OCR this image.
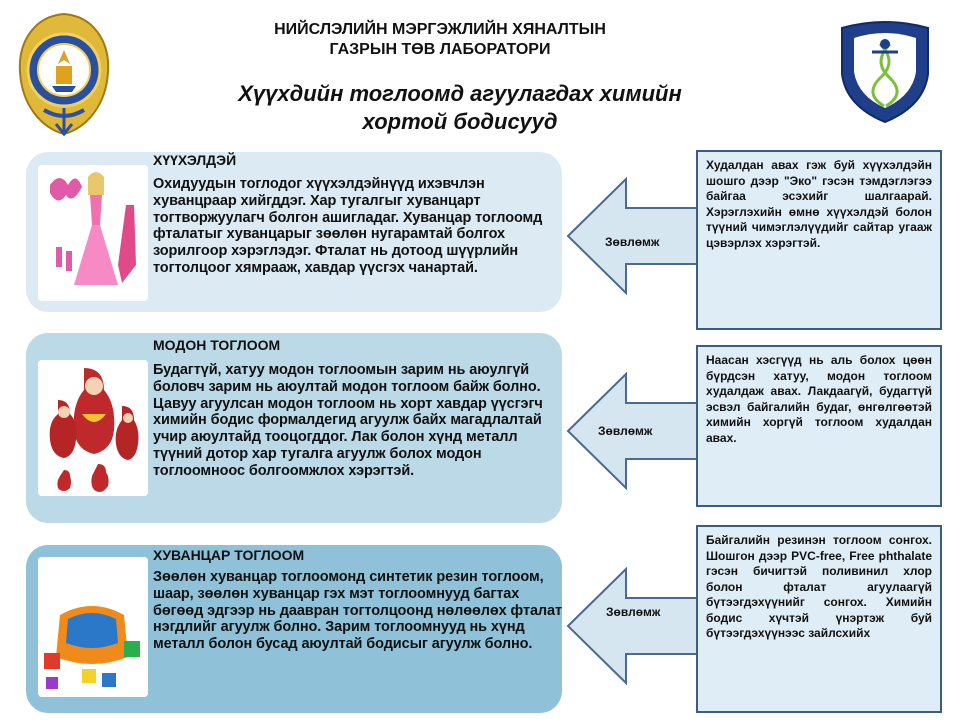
НИЙСЛЭЛИЙН МЭРГЭЖЛИЙН ХЯНАЛТЫН
ГАЗРЫН ТӨВ ЛАБОРАТОРИ
Хүүхдийн тоглоомд агуулагдах химийн
хортой бодисууд
ХҮҮХЭЛДЭЙ
Охидуудын тоглодог хүүхэлдэйнүүд ихэвчлэн хуванцраар хийгддэг. Хар тугалгыг хуванцарт тогтворжуулагч болгон ашигладаг. Хуванцар тоглоомд фталатыг хуванцарыг зөөлөн нугарамтай болгох зорилгоор хэрэглэдэг. Фталат нь дотоод шүүрлийн тогтолцоог хямрааж, хавдар үүсгэх чанартай.
Зөвлөмж
Худалдан авах гэж буй хүүхэлдэйн шошго дээр "Эко" гэсэн тэмдэглэгээ байгаа эсэхийг шалгаарай. Хэрэглэхийн өмнө хүүхэлдэй болон түүний чимэглэлүүдийг сайтар угааж цэвэрлэх хэрэгтэй.
МОДОН ТОГЛООМ
Будагтүй, хатуу модон тоглоомын зарим нь аюулгүй боловч зарим нь аюултай модон тоглоом байж болно. Цавуу агуулсан модон тоглоом нь хорт хавдар үүсгэгч химийн бодис формалдегид агуулж байх магадлалтай учир аюултайд тооцогддог. Лак болон хүнд металл түүний дотор хар тугалга агуулж болох модон тоглоомноос болгоомжлох хэрэгтэй.
Зөвлөмж
Наасан хэсгүүд нь аль болох цөөн бүрдсэн хатуу, модон тоглоом худалдаж авах. Лакдаагүй, будагтүй эсвэл байгалийн будаг, өнгөлгөөтэй химийн хоргүй тоглоом худалдан авах.
ХУВАНЦАР ТОГЛООМ
Зөөлөн хуванцар тоглоомонд синтетик резин тоглоом, шаар, зөөлөн хуванцар гэх мэт тоглоомнууд багтах бөгөөд эдгээр нь даавран тогтолцоонд нөлөөлөх фталат нэгдлийг агуулж болно. Зарим тоглоомнууд нь хүнд металл болон бусад аюултай бодисыг агуулж болно.
Зөвлөмж
Байгалийн резинэн тоглоом сонгох. Шошгон дээр PVC-free, Free phthalate гэсэн бичигтэй поливинил хлор болон фталат агуулаагүй бүтээгдэхүүнийг сонгох. Химийн бодис хүчтэй үнэртэж буй бүтээгдэхүүнээс зайлсхийх
